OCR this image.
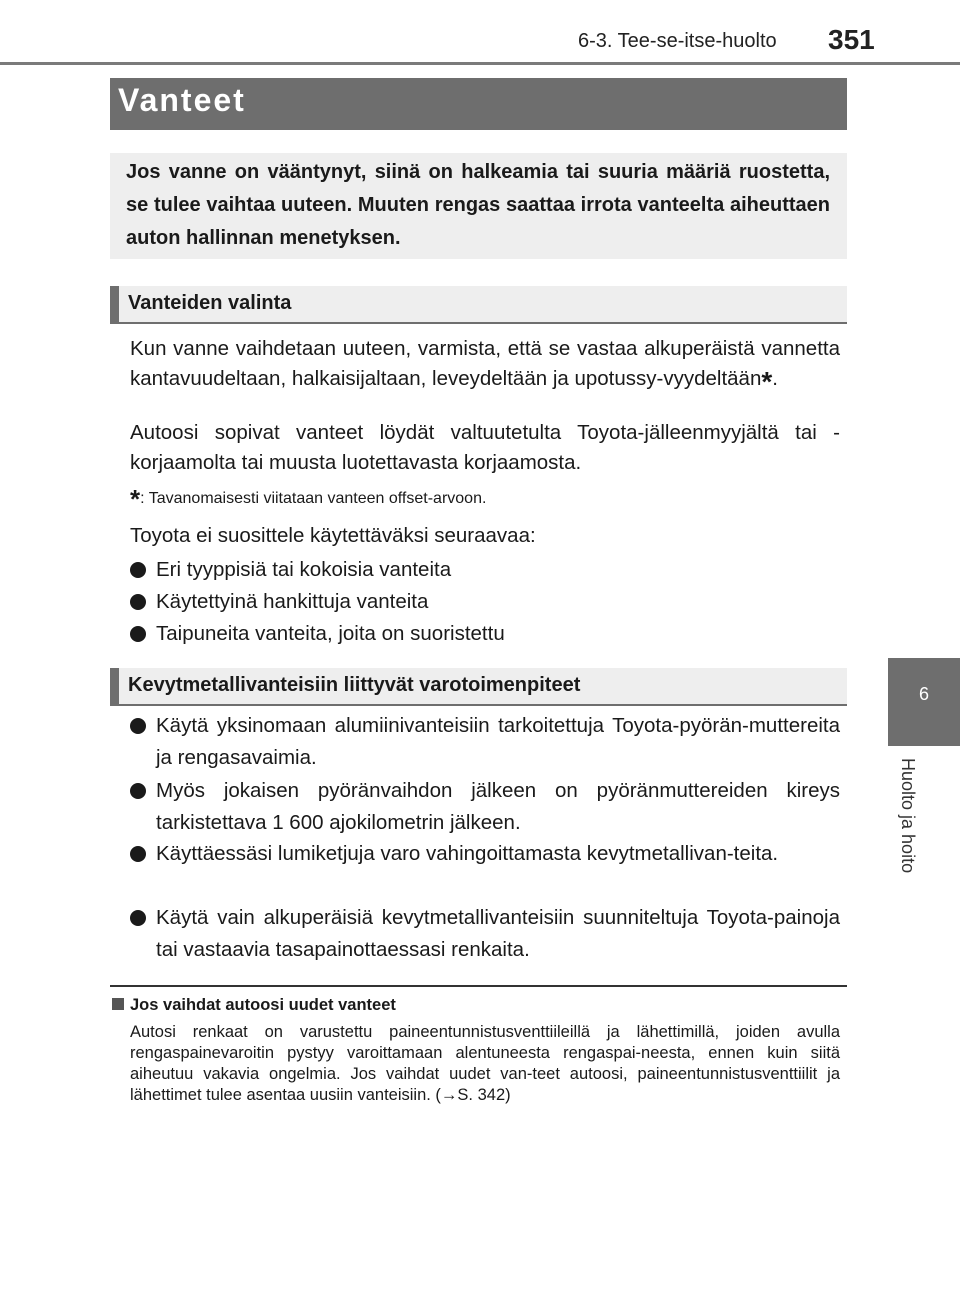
6-3. Tee-se-itse-huolto 351
6
Huolto ja hoito
Vanteet
Jos vanne on vääntynyt, siinä on halkeamia tai suuria määriä ruostetta, se tulee vaihtaa uuteen. Muuten rengas saattaa irrota vanteelta aiheuttaen auton hallinnan menetyksen.
Vanteiden valinta
Kun vanne vaihdetaan uuteen, varmista, että se vastaa alkuperäistä vannetta kantavuudeltaan, halkaisijaltaan, leveydeltään ja upotussy-vyydeltään*.
Autoosi sopivat vanteet löydät valtuutetulta Toyota-jälleenmyyjältä tai -korjaamolta tai muusta luotettavasta korjaamosta.
*: Tavanomaisesti viitataan vanteen offset-arvoon.
Toyota ei suosittele käytettäväksi seuraavaa:
Eri tyyppisiä tai kokoisia vanteita
Käytettyinä hankittuja vanteita
Taipuneita vanteita, joita on suoristettu
Kevytmetallivanteisiin liittyvät varotoimenpiteet
Käytä yksinomaan alumiinivanteisiin tarkoitettuja Toyota-pyörän-muttereita ja rengasavaimia.
Myös jokaisen pyöränvaihdon jälkeen on pyöränmuttereiden kireys tarkistettava 1 600 ajokilometrin jälkeen.
Käyttäessäsi lumiketjuja varo vahingoittamasta kevytmetallivan-teita.
Käytä vain alkuperäisiä kevytmetallivanteisiin suunniteltuja Toyota-painoja tai vastaavia tasapainottaessasi renkaita.
Jos vaihdat autoosi uudet vanteet
Autosi renkaat on varustettu paineentunnistusventtiileillä ja lähettimillä, joiden avulla rengaspainevaroitin pystyy varoittamaan alentuneesta rengaspai-neesta, ennen kuin siitä aiheutuu vakavia ongelmia. Jos vaihdat uudet van-teet autoosi, paineentunnistusventtiilit ja lähettimet tulee asentaa uusiin vanteisiin. (→S. 342)
